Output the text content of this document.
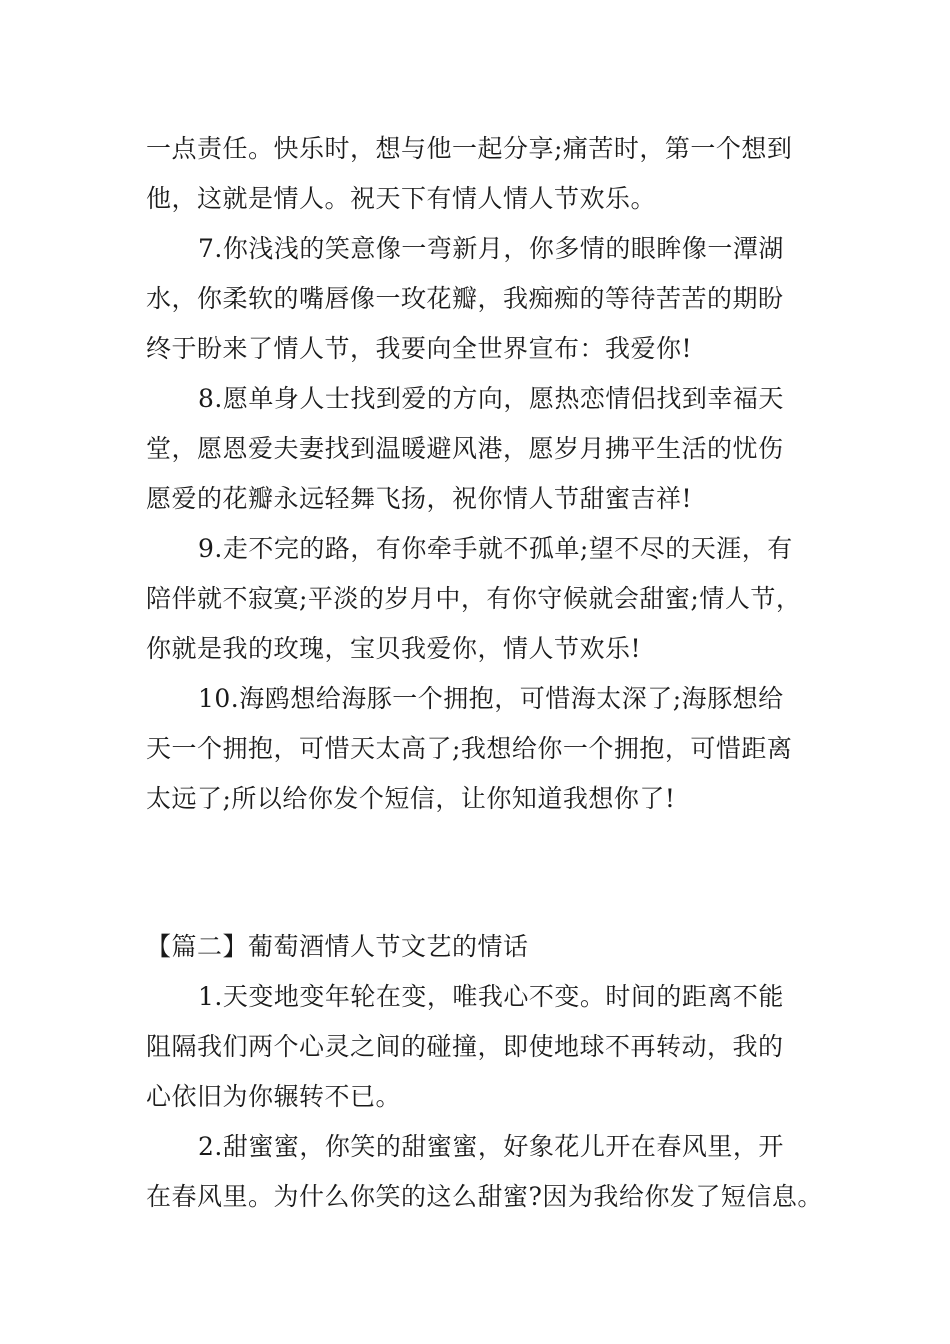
一点责任。快乐时，想与他一起分享;痛苦时，第一个想到
他，这就是情人。祝天下有情人情人节欢乐。
7.你浅浅的笑意像一弯新月，你多情的眼眸像一潭湖
水，你柔软的嘴唇像一玫花瓣，我痴痴的等待苦苦的期盼
终于盼来了情人节，我要向全世界宣布：我爱你!
8.愿单身人士找到爱的方向，愿热恋情侣找到幸福天
堂，愿恩爱夫妻找到温暖避风港，愿岁月拂平生活的忧伤
愿爱的花瓣永远轻舞飞扬，祝你情人节甜蜜吉祥!
9.走不完的路，有你牵手就不孤单;望不尽的天涯，有
陪伴就不寂寞;平淡的岁月中，有你守候就会甜蜜;情人节，
你就是我的玫瑰，宝贝我爱你，情人节欢乐!
10.海鸥想给海豚一个拥抱，可惜海太深了;海豚想给
天一个拥抱，可惜天太高了;我想给你一个拥抱，可惜距离
太远了;所以给你发个短信，让你知道我想你了!
【篇二】葡萄酒情人节文艺的情话
1.天变地变年轮在变，唯我心不变。时间的距离不能
阻隔我们两个心灵之间的碰撞，即使地球不再转动，我的
心依旧为你辗转不已。
2.甜蜜蜜，你笑的甜蜜蜜，好象花儿开在春风里，开
在春风里。为什么你笑的这么甜蜜?因为我给你发了短信息。
